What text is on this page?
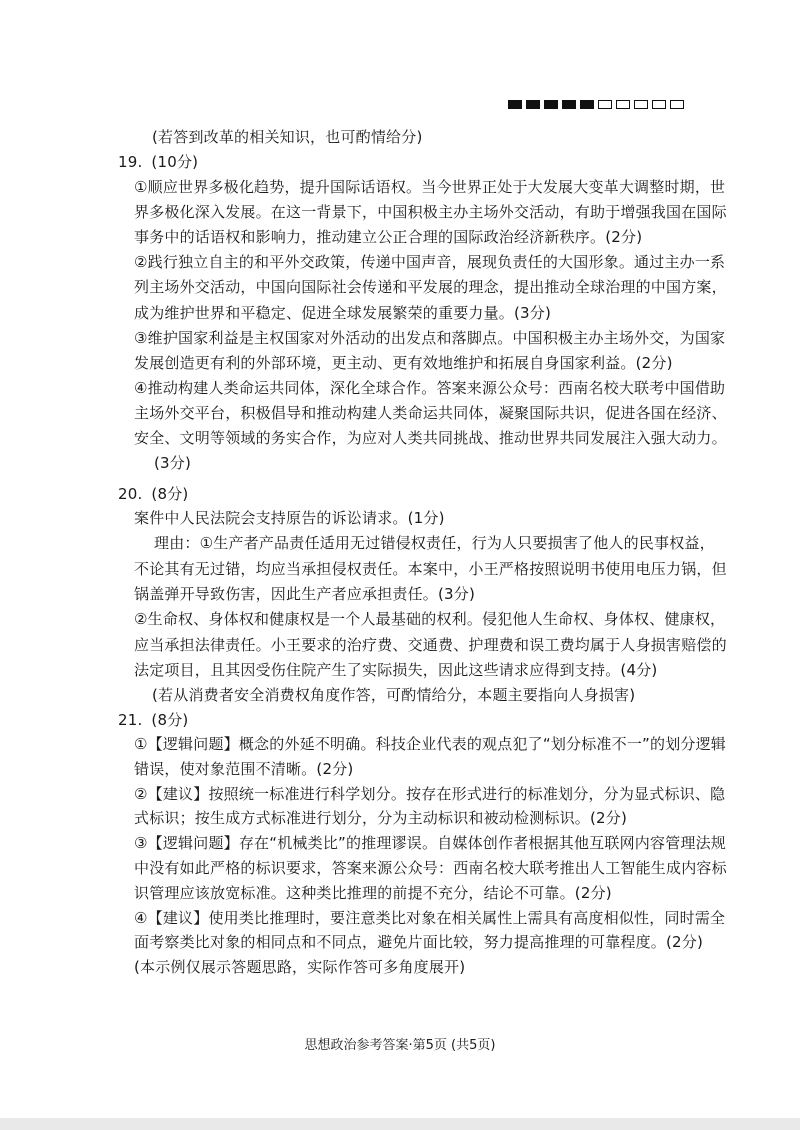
(若答到改革的相关知识，也可酌情给分)
19. (10分)
①顺应世界多极化趋势，提升国际话语权。当今世界正处于大发展大变革大调整时期，世
界多极化深入发展。在这一背景下，中国积极主办主场外交活动，有助于增强我国在国际
事务中的话语权和影响力，推动建立公正合理的国际政治经济新秩序。(2分)
②践行独立自主的和平外交政策，传递中国声音，展现负责任的大国形象。通过主办一系
列主场外交活动，中国向国际社会传递和平发展的理念，提出推动全球治理的中国方案，
成为维护世界和平稳定、促进全球发展繁荣的重要力量。(3分)
③维护国家利益是主权国家对外活动的出发点和落脚点。中国积极主办主场外交，为国家
发展创造更有利的外部环境，更主动、更有效地维护和拓展自身国家利益。(2分)
④推动构建人类命运共同体，深化全球合作。答案来源公众号：西南名校大联考中国借助
主场外交平台，积极倡导和推动构建人类命运共同体，凝聚国际共识，促进各国在经济、
安全、文明等领域的务实合作，为应对人类共同挑战、推动世界共同发展注入强大动力。
(3分)
20. (8分)
案件中人民法院会支持原告的诉讼请求。(1分)
理由：①生产者产品责任适用无过错侵权责任，行为人只要损害了他人的民事权益，
不论其有无过错，均应当承担侵权责任。本案中，小王严格按照说明书使用电压力锅，但
锅盖弹开导致伤害，因此生产者应承担责任。(3分)
②生命权、身体权和健康权是一个人最基础的权利。侵犯他人生命权、身体权、健康权，
应当承担法律责任。小王要求的治疗费、交通费、护理费和误工费均属于人身损害赔偿的
法定项目，且其因受伤住院产生了实际损失，因此这些请求应得到支持。(4分)
(若从消费者安全消费权角度作答，可酌情给分，本题主要指向人身损害)
21. (8分)
①【逻辑问题】概念的外延不明确。科技企业代表的观点犯了“划分标准不一”的划分逻辑
错误，使对象范围不清晰。(2分)
②【建议】按照统一标准进行科学划分。按存在形式进行的标准划分，分为显式标识、隐
式标识；按生成方式标准进行划分，分为主动标识和被动检测标识。(2分)
③【逻辑问题】存在“机械类比”的推理谬误。自媒体创作者根据其他互联网内容管理法规
中没有如此严格的标识要求，答案来源公众号：西南名校大联考推出人工智能生成内容标
识管理应该放宽标准。这种类比推理的前提不充分，结论不可靠。(2分)
④【建议】使用类比推理时，要注意类比对象在相关属性上需具有高度相似性，同时需全
面考察类比对象的相同点和不同点，避免片面比较，努力提高推理的可靠程度。(2分)
(本示例仅展示答题思路，实际作答可多角度展开)
思想政治参考答案·第5页 (共5页)
